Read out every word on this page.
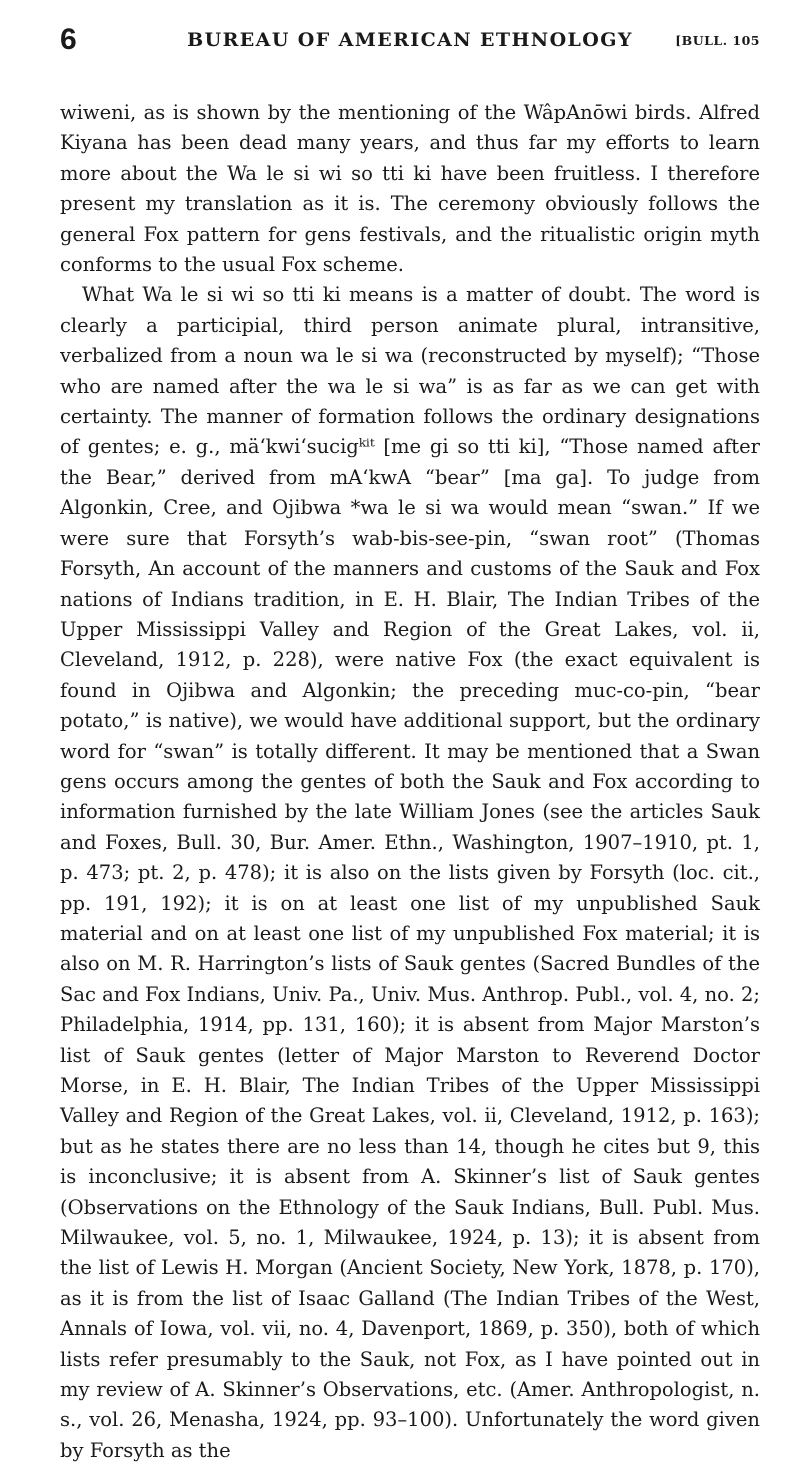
6	BUREAU OF AMERICAN ETHNOLOGY	[BULL. 105

wiweni, as is shown by the mentioning of the WâpAnōwi birds. Alfred Kiyana has been dead many years, and thus far my efforts to learn more about the Wa le si wi so tti ki have been fruitless. I therefore present my translation as it is. The ceremony obviously follows the general Fox pattern for gens festivals, and the ritualistic origin myth conforms to the usual Fox scheme.

What Wa le si wi so tti ki means is a matter of doubt. The word is clearly a participial, third person animate plural, intransitive, verbalized from a noun wa le si wa (reconstructed by myself); “Those who are named after the wa le si wa” is as far as we can get with certainty. The manner of formation follows the ordinary designations of gentes; e. g., mäʻkwiʻsucigᵏⁱᵗ [me gi so tti ki], “Those named after the Bear,” derived from mAʻkwA “bear” [ma ga]. To judge from Algonkin, Cree, and Ojibwa *wa le si wa would mean “swan.” If we were sure that Forsyth’s wab-bis-see-pin, “swan root” (Thomas Forsyth, An account of the manners and customs of the Sauk and Fox nations of Indians tradition, in E. H. Blair, The Indian Tribes of the Upper Mississippi Valley and Region of the Great Lakes, vol. ii, Cleveland, 1912, p. 228), were native Fox (the exact equivalent is found in Ojibwa and Algonkin; the preceding muc-co-pin, “bear potato,” is native), we would have additional support, but the ordinary word for “swan” is totally different. It may be mentioned that a Swan gens occurs among the gentes of both the Sauk and Fox according to information furnished by the late William Jones (see the articles Sauk and Foxes, Bull. 30, Bur. Amer. Ethn., Washington, 1907–1910, pt. 1, p. 473; pt. 2, p. 478); it is also on the lists given by Forsyth (loc. cit., pp. 191, 192); it is on at least one list of my unpublished Sauk material and on at least one list of my unpublished Fox material; it is also on M. R. Harrington’s lists of Sauk gentes (Sacred Bundles of the Sac and Fox Indians, Univ. Pa., Univ. Mus. Anthrop. Publ., vol. 4, no. 2; Philadelphia, 1914, pp. 131, 160); it is absent from Major Marston’s list of Sauk gentes (letter of Major Marston to Reverend Doctor Morse, in E. H. Blair, The Indian Tribes of the Upper Mississippi Valley and Region of the Great Lakes, vol. ii, Cleveland, 1912, p. 163); but as he states there are no less than 14, though he cites but 9, this is inconclusive; it is absent from A. Skinner’s list of Sauk gentes (Observations on the Ethnology of the Sauk Indians, Bull. Publ. Mus. Milwaukee, vol. 5, no. 1, Milwaukee, 1924, p. 13); it is absent from the list of Lewis H. Morgan (Ancient Society, New York, 1878, p. 170), as it is from the list of Isaac Galland (The Indian Tribes of the West, Annals of Iowa, vol. vii, no. 4, Davenport, 1869, p. 350), both of which lists refer presumably to the Sauk, not Fox, as I have pointed out in my review of A. Skinner’s Observations, etc. (Amer. Anthropologist, n. s., vol. 26, Menasha, 1924, pp. 93–100). Unfortunately the word given by Forsyth as the
